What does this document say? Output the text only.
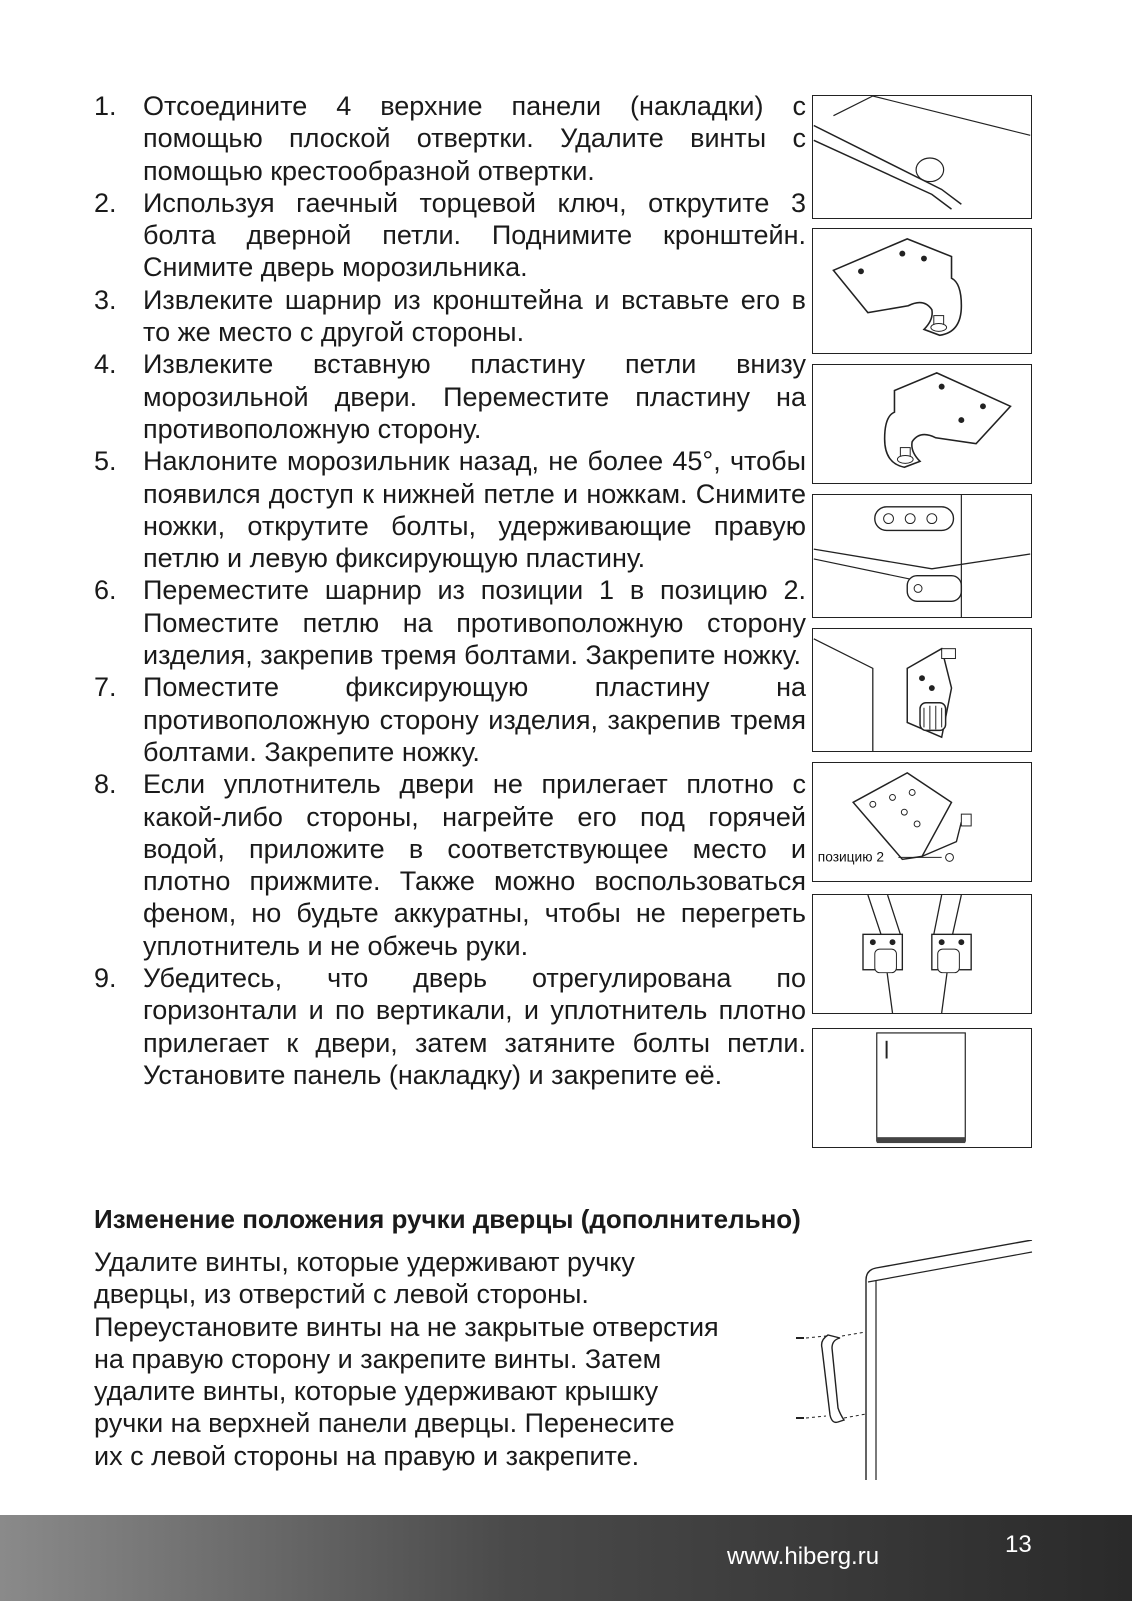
1. Отсоедините 4 верхние панели (накладки) с помощью плоской отвертки. Удалите винты с помощью крестообразной отвертки.
2. Используя гаечный торцевой ключ, открутите 3 болта дверной петли. Поднимите кронштейн. Снимите дверь морозильника.
3. Извлеките шарнир из кронштейна и вставьте его в то же место с другой стороны.
4. Извлеките вставную пластину петли внизу морозильной двери. Переместите пластину на противоположную сторону.
5. Наклоните морозильник назад, не более 45°, чтобы появился доступ к нижней петле и ножкам. Снимите ножки, открутите болты, удерживающие правую петлю и левую фиксирующую пластину.
6. Переместите шарнир из позиции 1 в позицию 2. Поместите петлю на противоположную сторону изделия, закрепив тремя болтами. Закрепите ножку.
7. Поместите фиксирующую пластину на противоположную сторону изделия, закрепив тремя болтами. Закрепите ножку.
8. Если уплотнитель двери не прилегает плотно с какой-либо стороны, нагрейте его под горячей водой, приложите в соответствующее место и плотно прижмите. Также можно воспользоваться феном, но будьте аккуратны, чтобы не перегреть уплотнитель и не обжечь руки.
9. Убедитесь, что дверь отрегулирована по горизонтали и по вертикали, и уплотнитель плотно прилегает к двери, затем затяните болты петли. Установите панель (накладку) и закрепите её.
позицию 2
Изменение положения ручки дверцы (дополнительно)

Удалите винты, которые удерживают ручку
дверцы, из отверстий с левой стороны.
Переустановите винты на не закрытые отверстия
на правую сторону и закрепите винты. Затем
удалите винты, которые удерживают крышку
ручки на верхней панели дверцы. Перенесите
их с левой стороны на правую и закрепите.

www.hiberg.ru	13
